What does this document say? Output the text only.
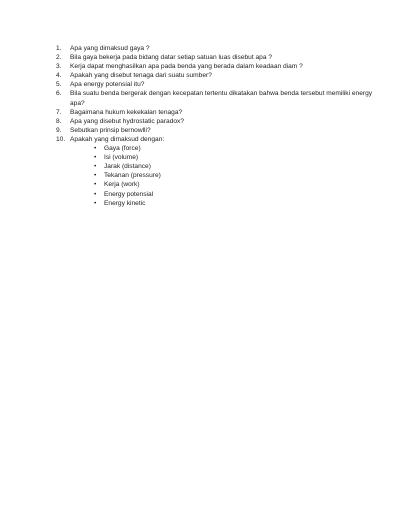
1.	Apa yang dimaksud gaya ?
2.	Bila gaya bekerja pada bidang datar setiap satuan luas disebut apa ?
3.	Kerja dapat menghasilkan apa pada benda yang berada dalam keadaan diam ?
4.	Apakah yang disebut tenaga dari suatu sumber?
5.	Apa energy potensial itu?
6.	Bila suatu benda bergerak dengan kecepatan tertentu dikatakan bahwa benda tersebut memiliki energy apa?
7.	Bagaimana hukum kekekalan tenaga?
8.	Apa yang disebut hydrostatic paradox?
9.	Sebutkan prinsip bernowlli?
10. Apakah yang dimaksud dengan:
• Gaya (force)
• Isi (volume)
• Jarak (distance)
• Tekanan (pressure)
• Kerja (work)
• Energy potensial
• Energy kinetic
